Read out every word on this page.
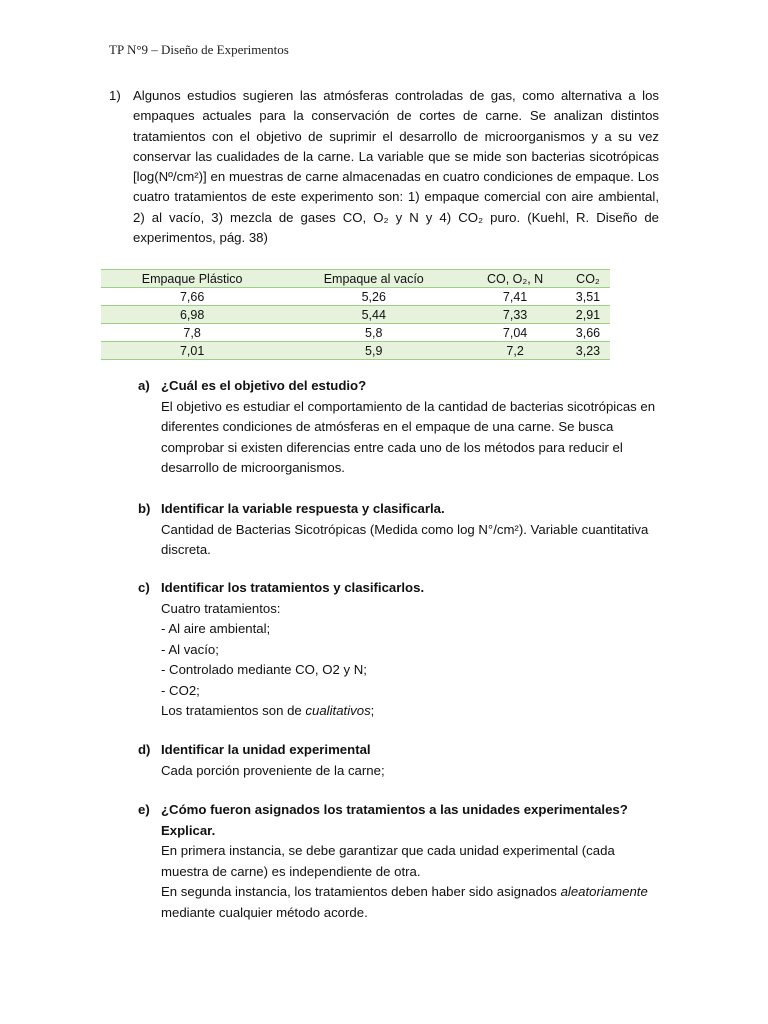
TP N°9 – Diseño de Experimentos
1) Algunos estudios sugieren las atmósferas controladas de gas, como alternativa a los empaques actuales para la conservación de cortes de carne. Se analizan distintos tratamientos con el objetivo de suprimir el desarrollo de microorganismos y a su vez conservar las cualidades de la carne. La variable que se mide son bacterias sicotrópicas [log(Nº/cm²)] en muestras de carne almacenadas en cuatro condiciones de empaque. Los cuatro tratamientos de este experimento son: 1) empaque comercial con aire ambiental, 2) al vacío, 3) mezcla de gases CO, O₂ y N y 4) CO₂ puro. (Kuehl, R. Diseño de experimentos, pág. 38)
Empaque Plástico	Empaque al vacío	CO, O₂, N	CO₂
7,66	5,26	7,41	3,51
6,98	5,44	7,33	2,91
7,8	5,8	7,04	3,66
7,01	5,9	7,2	3,23
a) ¿Cuál es el objetivo del estudio?

El objetivo es estudiar el comportamiento de la cantidad de bacterias sicotrópicas en diferentes condiciones de atmósferas en el empaque de una carne. Se busca comprobar si existen diferencias entre cada uno de los métodos para reducir el desarrollo de microorganismos.

b) Identificar la variable respuesta y clasificarla.

Cantidad de Bacterias Sicotrópicas (Medida como log N°/cm²). Variable cuantitativa discreta.

c) Identificar los tratamientos y clasificarlos.

Cuatro tratamientos:

- Al aire ambiental;

- Al vacío;

- Controlado mediante CO, O2 y N;

- CO2;

Los tratamientos son de cualitativos;

d) Identificar la unidad experimental

Cada porción proveniente de la carne;

e) ¿Cómo fueron asignados los tratamientos a las unidades experimentales? Explicar.

En primera instancia, se debe garantizar que cada unidad experimental (cada muestra de carne) es independiente de otra.

En segunda instancia, los tratamientos deben haber sido asignados aleatoriamente mediante cualquier método acorde.
